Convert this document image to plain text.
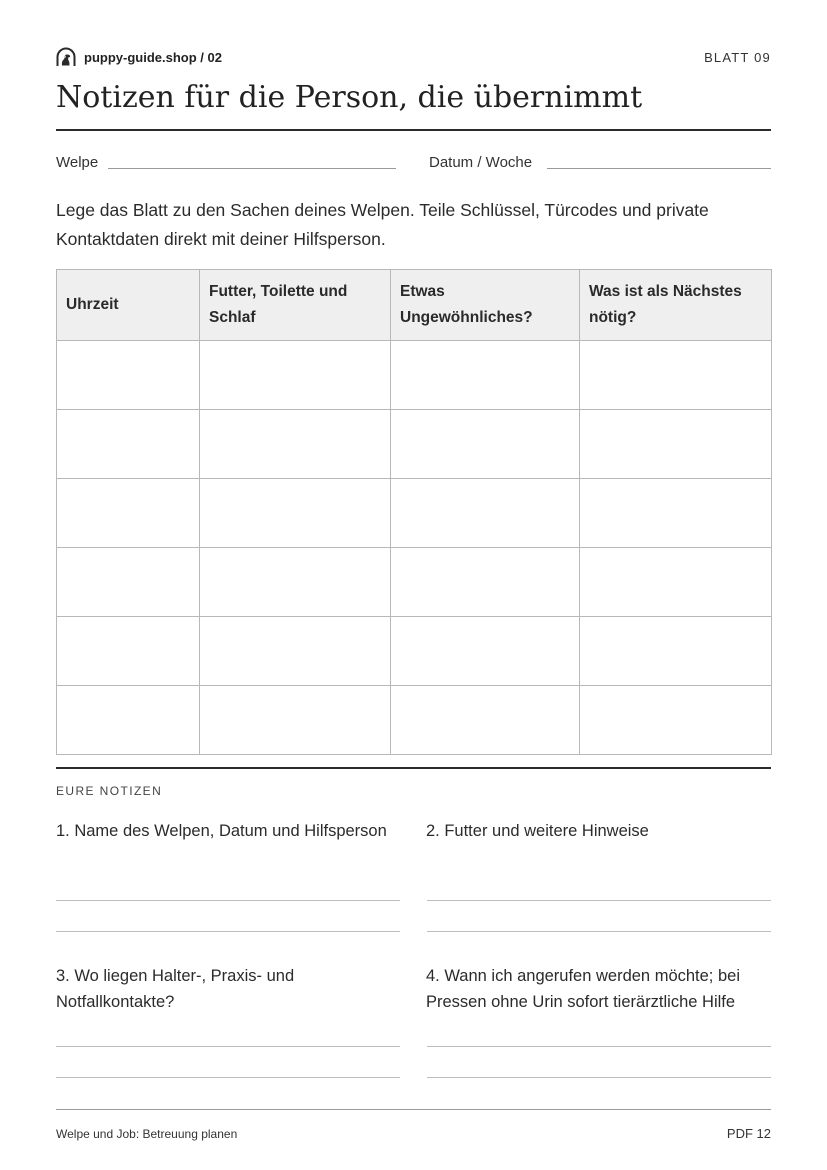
puppy-guide.shop / 02	BLATT 09
Notizen für die Person, die übernimmt
Welpe	Datum / Woche

Lege das Blatt zu den Sachen deines Welpen. Teile Schlüssel, Türcodes und private Kontaktdaten direkt mit deiner Hilfsperson.

Uhrzeit	Futter, Toilette und Schlaf	Etwas Ungewöhnliches?	Was ist als Nächstes nötig?

EURE NOTIZEN

1. Name des Welpen, Datum und Hilfsperson	2. Futter und weitere Hinweise

3. Wo liegen Halter-, Praxis- und Notfallkontakte?

4. Wann ich angerufen werden möchte; bei Pressen ohne Urin sofort tierärztliche Hilfe

Welpe und Job: Betreuung planen	PDF 12
